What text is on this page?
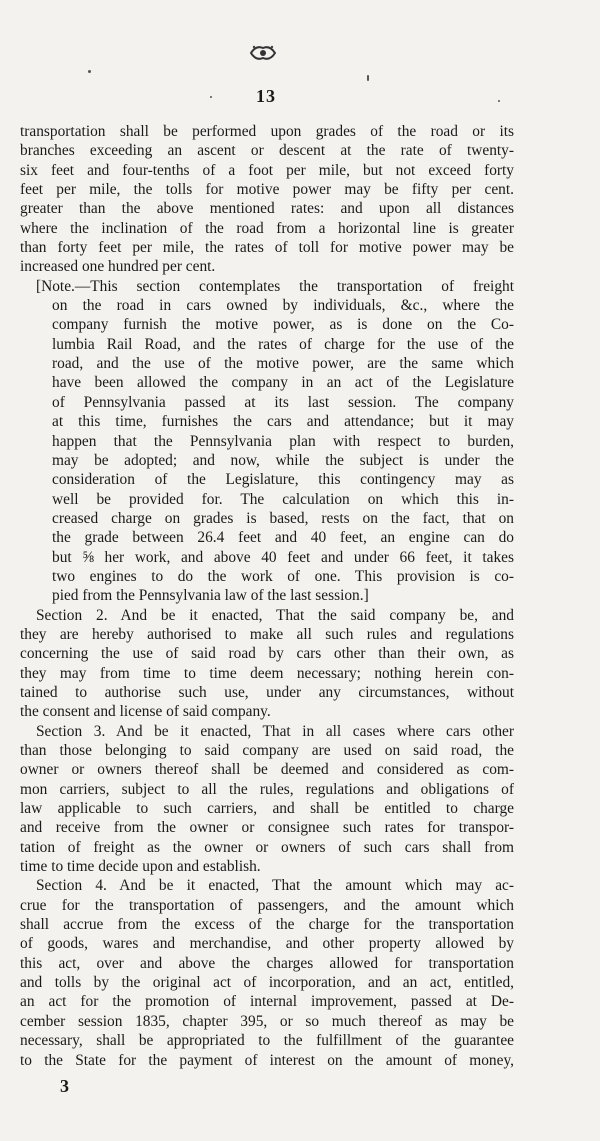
13
transportation shall be performed upon grades of the road or its
branches exceeding an ascent or descent at the rate of twenty-
six feet and four-tenths of a foot per mile, but not exceed forty
feet per mile, the tolls for motive power may be fifty per cent.
greater than the above mentioned rates: and upon all distances
where the inclination of the road from a horizontal line is greater
than forty feet per mile, the rates of toll for motive power may be
increased one hundred per cent.
[Note.—This section contemplates the transportation of freight
on the road in cars owned by individuals, &c., where the
company furnish the motive power, as is done on the Co-
lumbia Rail Road, and the rates of charge for the use of the
road, and the use of the motive power, are the same which
have been allowed the company in an act of the Legislature
of Pennsylvania passed at its last session. The company
at this time, furnishes the cars and attendance; but it may
happen that the Pennsylvania plan with respect to burden,
may be adopted; and now, while the subject is under the
consideration of the Legislature, this contingency may as
well be provided for. The calculation on which this in-
creased charge on grades is based, rests on the fact, that on
the grade between 26.4 feet and 40 feet, an engine can do
but ⅝ her work, and above 40 feet and under 66 feet, it takes
two engines to do the work of one. This provision is co-
pied from the Pennsylvania law of the last session.]
Section 2. And be it enacted, That the said company be, and
they are hereby authorised to make all such rules and regulations
concerning the use of said road by cars other than their own, as
they may from time to time deem necessary; nothing herein con-
tained to authorise such use, under any circumstances, without
the consent and license of said company.
Section 3. And be it enacted, That in all cases where cars other
than those belonging to said company are used on said road, the
owner or owners thereof shall be deemed and considered as com-
mon carriers, subject to all the rules, regulations and obligations of
law applicable to such carriers, and shall be entitled to charge
and receive from the owner or consignee such rates for transpor-
tation of freight as the owner or owners of such cars shall from
time to time decide upon and establish.
Section 4. And be it enacted, That the amount which may ac-
crue for the transportation of passengers, and the amount which
shall accrue from the excess of the charge for the transportation
of goods, wares and merchandise, and other property allowed by
this act, over and above the charges allowed for transportation
and tolls by the original act of incorporation, and an act, entitled,
an act for the promotion of internal improvement, passed at De-
cember session 1835, chapter 395, or so much thereof as may be
necessary, shall be appropriated to the fulfillment of the guarantee
to the State for the payment of interest on the amount of money,
3
